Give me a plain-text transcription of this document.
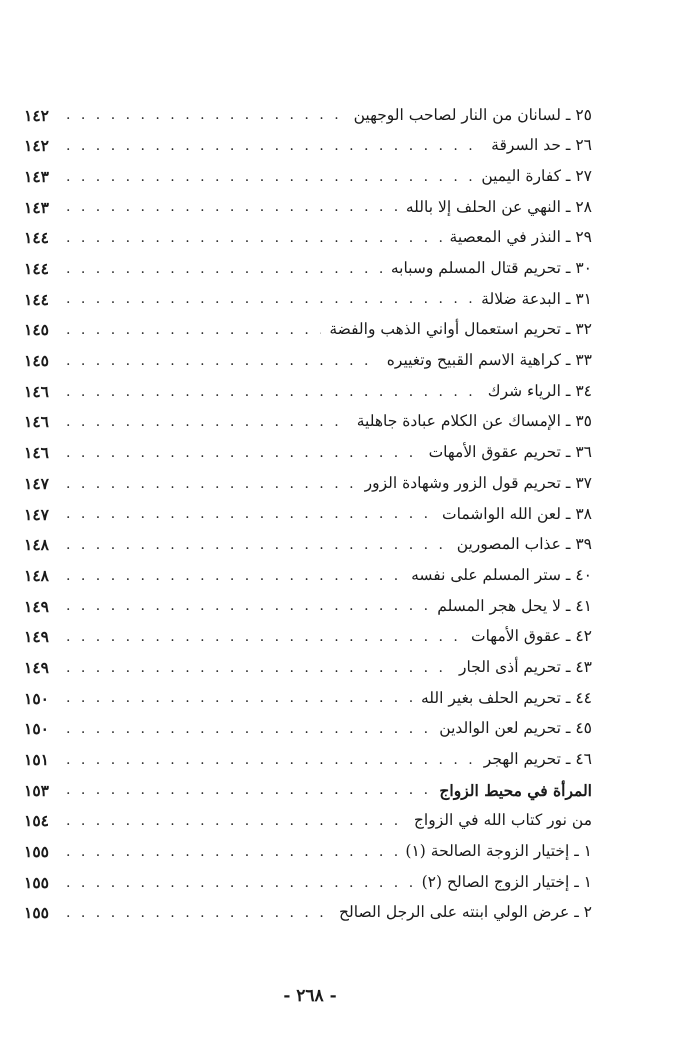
٢٥ ـ لسانان من النار لصاحب الوجهين
. . .
١٤٢
٢٦ ـ حد السرقة
. . .
١٤٢
٢٧ ـ كفارة اليمين
. . .
١٤٣
٢٨ ـ النهي عن الحلف إلا بالله
. . .
١٤٣
٢٩ ـ النذر في المعصية
. . .
١٤٤
٣٠ ـ تحريم قتال المسلم وسبابه
. . .
١٤٤
٣١ ـ البدعة ضلالة
. . .
١٤٤
٣٢ ـ تحريم استعمال أواني الذهب والفضة
. . .
١٤٥
٣٣ ـ كراهية الاسم القبيح وتغييره
. . .
١٤٥
٣٤ ـ الرياء شرك
. . .
١٤٦
٣٥ ـ الإمساك عن الكلام عبادة جاهلية
. . .
١٤٦
٣٦ ـ تحريم عقوق الأمهات
. . .
١٤٦
٣٧ ـ تحريم قول الزور وشهادة الزور
. . .
١٤٧
٣٨ ـ لعن الله الواشمات
. . .
١٤٧
٣٩ ـ عذاب المصورين
. . .
١٤٨
٤٠ ـ ستر المسلم على نفسه
. . .
١٤٨
٤١ ـ لا يحل هجر المسلم
. . .
١٤٩
٤٢ ـ عقوق الأمهات
. . .
١٤٩
٤٣ ـ تحريم أذى الجار
. . .
١٤٩
٤٤ ـ تحريم الحلف بغير الله
. . .
١٥٠
٤٥ ـ تحريم لعن الوالدين
. . .
١٥٠
٤٦ ـ تحريم الهجر
. . .
١٥١
المرأة في محيط الزواج
. . .
١٥٣
من نور كتاب الله في الزواج
. . .
١٥٤
١ ـ إختيار الزوجة الصالحة (١)
. . .
١٥٥
١ ـ إختيار الزوج الصالح (٢)
. . .
١٥٥
٢ ـ عرض الولي ابنته على الرجل الصالح
. . .
١٥٥
- ٢٦٨ -
